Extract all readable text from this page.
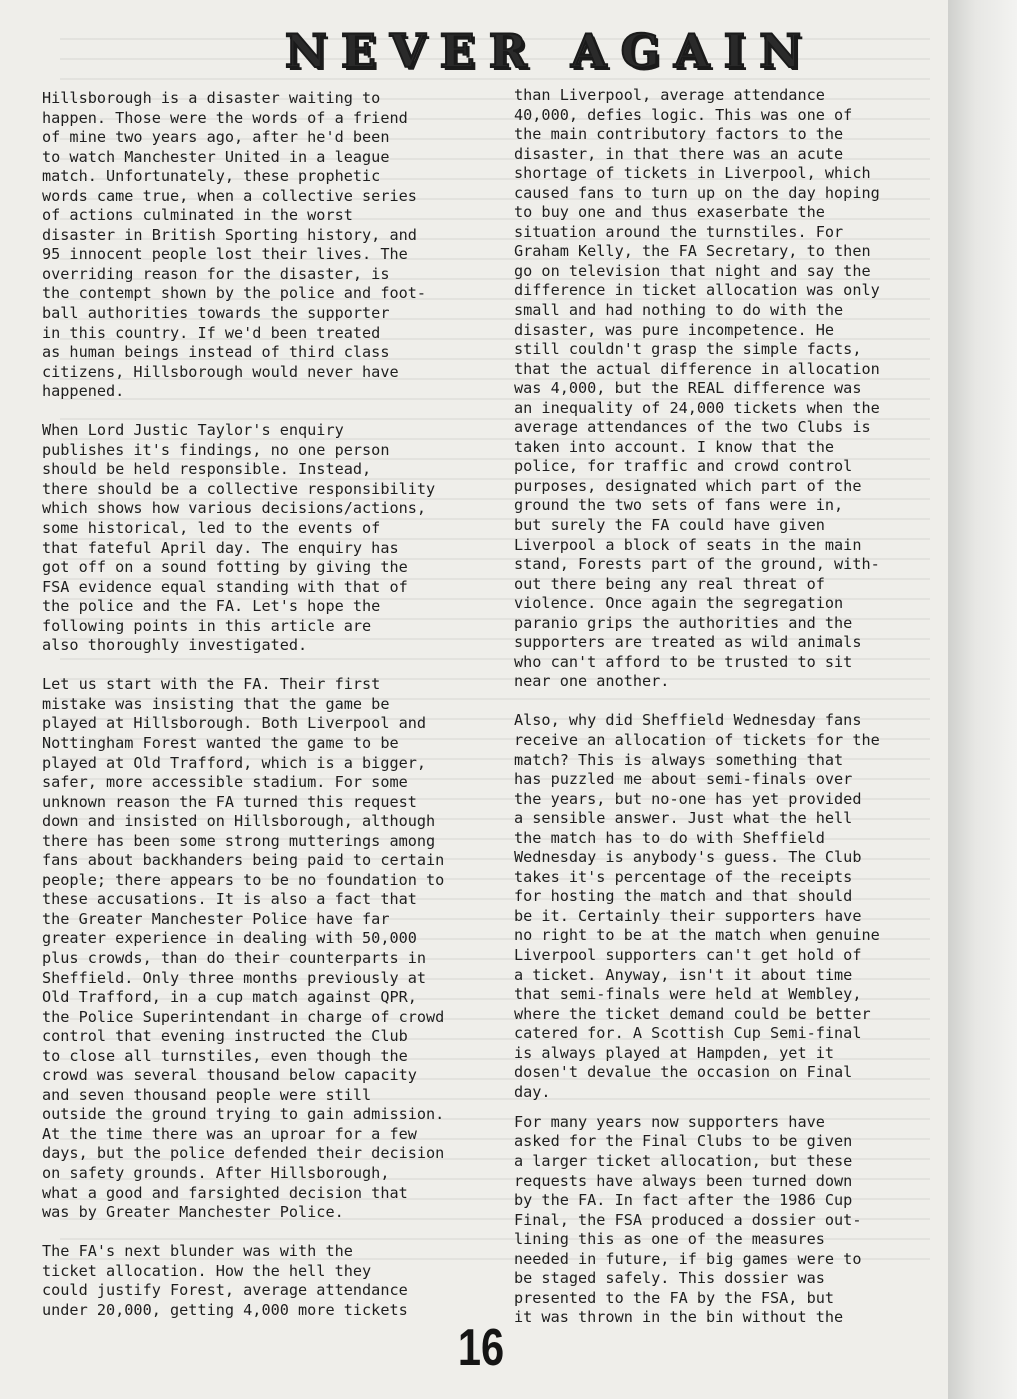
NEVER AGAIN

Hillsborough is a disaster waiting to
happen. Those were the words of a friend
of mine two years ago, after he'd been
to watch Manchester United in a league
match. Unfortunately, these prophetic
words came true, when a collective series
of actions culminated in the worst
disaster in British Sporting history, and
95 innocent people lost their lives. The
overriding reason for the disaster, is
the contempt shown by the police and foot-
ball authorities towards the supporter
in this country. If we'd been treated
as human beings instead of third class
citizens, Hillsborough would never have
happened.

When Lord Justic Taylor's enquiry
publishes it's findings, no one person
should be held responsible. Instead,
there should be a collective responsibility
which shows how various decisions/actions,
some historical, led to the events of
that fateful April day. The enquiry has
got off on a sound fotting by giving the
FSA evidence equal standing with that of
the police and the FA. Let's hope the
following points in this article are
also thoroughly investigated.

Let us start with the FA. Their first
mistake was insisting that the game be
played at Hillsborough. Both Liverpool and
Nottingham Forest wanted the game to be
played at Old Trafford, which is a bigger,
safer, more accessible stadium. For some
unknown reason the FA turned this request
down and insisted on Hillsborough, although
there has been some strong mutterings among
fans about backhanders being paid to certain
people; there appears to be no foundation to
these accusations. It is also a fact that
the Greater Manchester Police have far
greater experience in dealing with 50,000
plus crowds, than do their counterparts in
Sheffield. Only three months previously at
Old Trafford, in a cup match against QPR,
the Police Superintendant in charge of crowd
control that evening instructed the Club
to close all turnstiles, even though the
crowd was several thousand below capacity
and seven thousand people were still
outside the ground trying to gain admission.
At the time there was an uproar for a few
days, but the police defended their decision
on safety grounds. After Hillsborough,
what a good and farsighted decision that
was by Greater Manchester Police.

The FA's next blunder was with the
ticket allocation. How the hell they
could justify Forest, average attendance
under 20,000, getting 4,000 more tickets

than Liverpool, average attendance
40,000, defies logic. This was one of
the main contributory factors to the
disaster, in that there was an acute
shortage of tickets in Liverpool, which
caused fans to turn up on the day hoping
to buy one and thus exaserbate the
situation around the turnstiles. For
Graham Kelly, the FA Secretary, to then
go on television that night and say the
difference in ticket allocation was only
small and had nothing to do with the
disaster, was pure incompetence. He
still couldn't grasp the simple facts,
that the actual difference in allocation
was 4,000, but the REAL difference was
an inequality of 24,000 tickets when the
average attendances of the two Clubs is
taken into account. I know that the
police, for traffic and crowd control
purposes, designated which part of the
ground the two sets of fans were in,
but surely the FA could have given
Liverpool a block of seats in the main
stand, Forests part of the ground, with-
out there being any real threat of
violence. Once again the segregation
paranio grips the authorities and the
supporters are treated as wild animals
who can't afford to be trusted to sit
near one another.

Also, why did Sheffield Wednesday fans
receive an allocation of tickets for the
match? This is always something that
has puzzled me about semi-finals over
the years, but no-one has yet provided
a sensible answer. Just what the hell
the match has to do with Sheffield
Wednesday is anybody's guess. The Club
takes it's percentage of the receipts
for hosting the match and that should
be it. Certainly their supporters have
no right to be at the match when genuine
Liverpool supporters can't get hold of
a ticket. Anyway, isn't it about time
that semi-finals were held at Wembley,
where the ticket demand could be better
catered for. A Scottish Cup Semi-final
is always played at Hampden, yet it
dosen't devalue the occasion on Final
day.

For many years now supporters have
asked for the Final Clubs to be given
a larger ticket allocation, but these
requests have always been turned down
by the FA. In fact after the 1986 Cup
Final, the FSA produced a dossier out-
lining this as one of the measures
needed in future, if big games were to
be staged safely. This dossier was
presented to the FA by the FSA, but
it was thrown in the bin without the

16
